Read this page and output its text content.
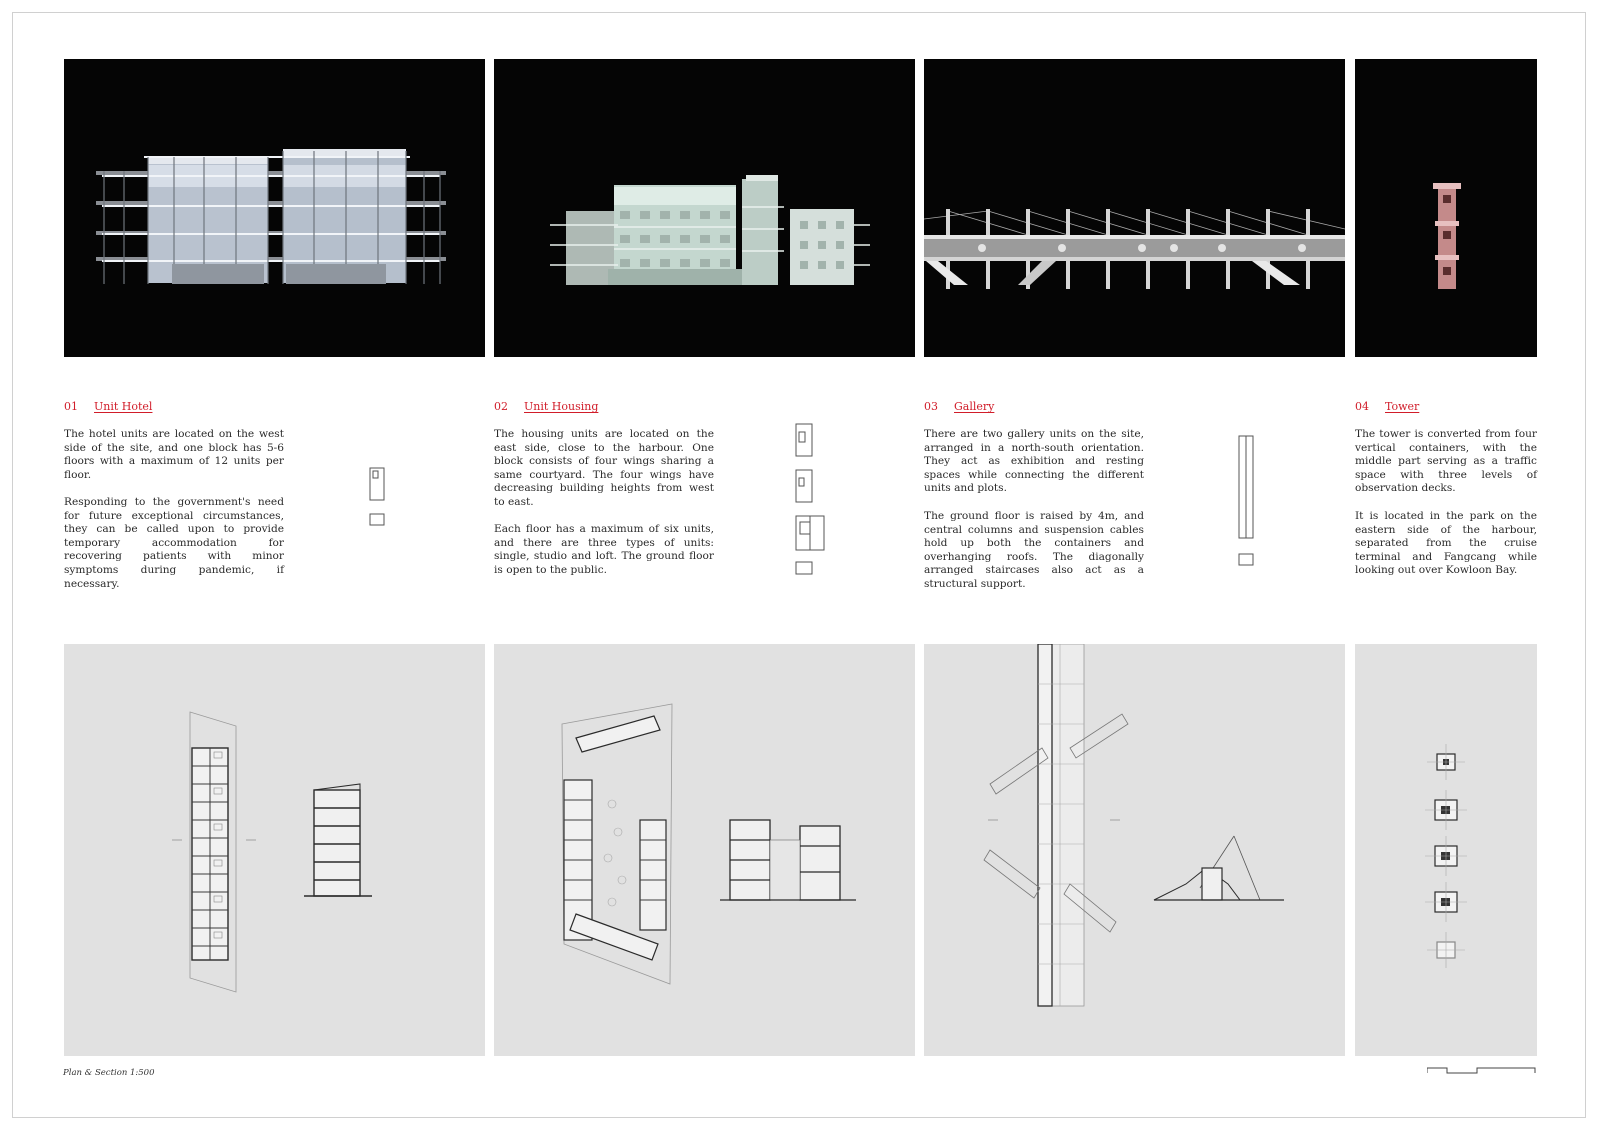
01 Unit Hotel

The hotel units are located on the west side of the site, and one block has 5-6 floors with a maximum of 12 units per floor.

Responding to the government's need for future exceptional circumstances, they can be called upon to provide temporary accommodation for recovering patients with minor symptoms during pandemic, if necessary.

02 Unit Housing

The housing units are located on the east side, close to the harbour. One block consists of four wings sharing a same courtyard. The four wings have decreasing building heights from west to east.

Each floor has a maximum of six units, and there are three types of units: single, studio and loft. The ground floor is open to the public.

03 Gallery

There are two gallery units on the site, arranged in a north-south orientation. They act as exhibition and resting spaces while connecting the different units and plots.

The ground floor is raised by 4m, and central columns and suspension cables hold up both the containers and overhanging roofs. The diagonally arranged staircases also act as a structural support.

04 Tower

The tower is converted from four vertical containers, with the middle part serving as a traffic space with three levels of observation decks.

It is located in the park on the eastern side of the harbour, separated from the cruise terminal and Fangcang while looking out over Kowloon Bay.

Plan & Section 1:500
